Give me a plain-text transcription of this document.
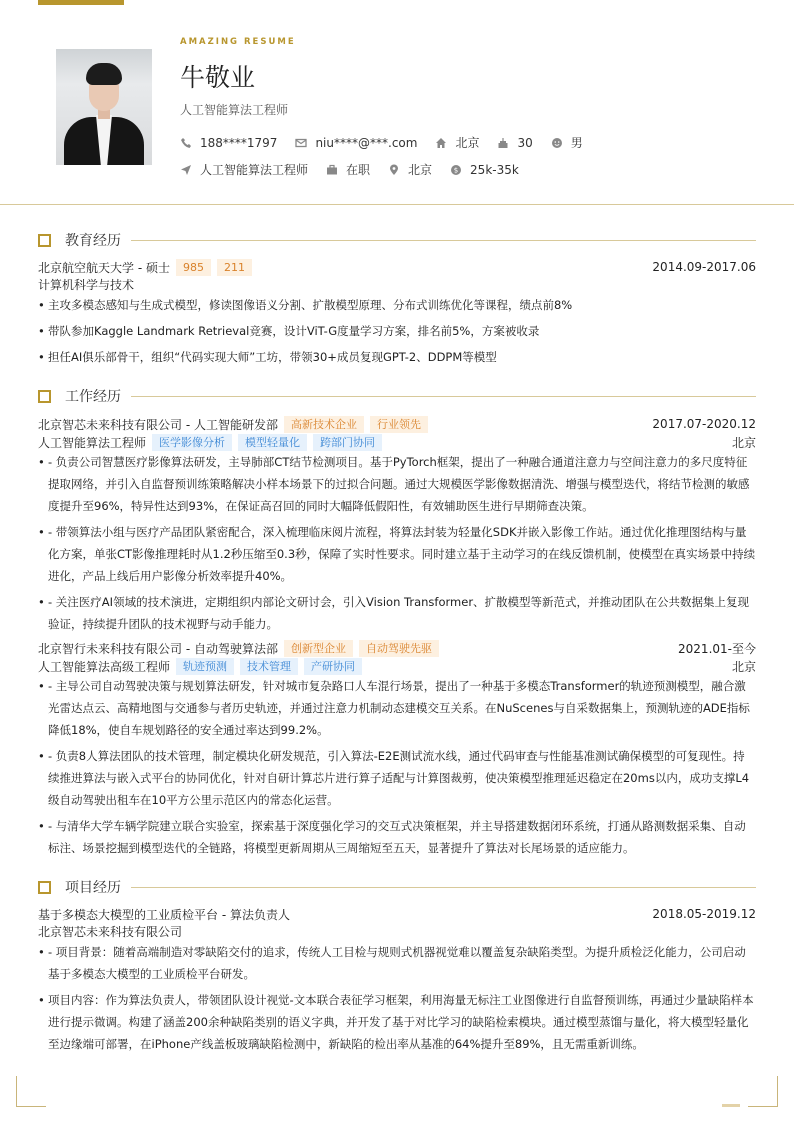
AMAZING RESUME
牛敬业
人工智能算法工程师
188****1797	niu****@***.com	北京	30	男
人工智能算法工程师	在职	北京	$ 25k-35k
教育经历
北京航空航天大学 - 硕士	985	211	2014.09-2017.06
计算机科学与技术
• 主攻多模态感知与生成式模型，修读图像语义分割、扩散模型原理、分布式训练优化等课程，绩点前8%
• 带队参加Kaggle Landmark Retrieval竞赛，设计ViT-G度量学习方案，排名前5%，方案被收录
• 担任AI俱乐部骨干，组织“代码实现大师”工坊，带领30+成员复现GPT-2、DDPM等模型
工作经历
北京智芯未来科技有限公司 - 人工智能研发部	高新技术企业	行业领先	2017.07-2020.12
人工智能算法工程师	医学影像分析	模型轻量化	跨部门协同	北京
• - 负责公司智慧医疗影像算法研发，主导肺部CT结节检测项目。基于PyTorch框架，提出了一种融合通道注意力与空间注意力的多尺度特征提取网络，并引入自监督预训练策略解决小样本场景下的过拟合问题。通过大规模医学影像数据清洗、增强与模型迭代，将结节检测的敏感度提升至96%，特异性达到93%，在保证高召回的同时大幅降低假阳性，有效辅助医生进行早期筛查决策。
• - 带领算法小组与医疗产品团队紧密配合，深入梳理临床阅片流程，将算法封装为轻量化SDK并嵌入影像工作站。通过优化推理图结构与量化方案，单张CT影像推理耗时从1.2秒压缩至0.3秒，保障了实时性要求。同时建立基于主动学习的在线反馈机制，使模型在真实场景中持续进化，产品上线后用户影像分析效率提升40%。
• - 关注医疗AI领域的技术演进，定期组织内部论文研讨会，引入Vision Transformer、扩散模型等新范式，并推动团队在公共数据集上复现验证，持续提升团队的技术视野与动手能力。
北京智行未来科技有限公司 - 自动驾驶算法部	创新型企业	自动驾驶先驱	2021.01-至今
人工智能算法高级工程师	轨迹预测	技术管理	产研协同	北京
• - 主导公司自动驾驶决策与规划算法研发，针对城市复杂路口人车混行场景，提出了一种基于多模态Transformer的轨迹预测模型，融合激光雷达点云、高精地图与交通参与者历史轨迹，并通过注意力机制动态建模交互关系。在NuScenes与自采数据集上，预测轨迹的ADE指标降低18%，使自车规划路径的安全通过率达到99.2%。
• - 负责8人算法团队的技术管理，制定模块化研发规范，引入算法-E2E测试流水线，通过代码审查与性能基准测试确保模型的可复现性。持续推进算法与嵌入式平台的协同优化，针对自研计算芯片进行算子适配与计算图裁剪，使决策模型推理延迟稳定在20ms以内，成功支撑L4级自动驾驶出租车在10平方公里示范区内的常态化运营。
• - 与清华大学车辆学院建立联合实验室，探索基于深度强化学习的交互式决策框架，并主导搭建数据闭环系统，打通从路测数据采集、自动标注、场景挖掘到模型迭代的全链路，将模型更新周期从三周缩短至五天，显著提升了算法对长尾场景的适应能力。
项目经历
基于多模态大模型的工业质检平台 - 算法负责人	2018.05-2019.12
北京智芯未来科技有限公司
• - 项目背景：随着高端制造对零缺陷交付的追求，传统人工目检与规则式机器视觉难以覆盖复杂缺陷类型。为提升质检泛化能力，公司启动基于多模态大模型的工业质检平台研发。
• 项目内容：作为算法负责人，带领团队设计视觉-文本联合表征学习框架，利用海量无标注工业图像进行自监督预训练，再通过少量缺陷样本进行提示微调。构建了涵盖200余种缺陷类别的语义字典，并开发了基于对比学习的缺陷检索模块。通过模型蒸馏与量化，将大模型轻量化至边缘端可部署，在iPhone产线盖板玻璃缺陷检测中，新缺陷的检出率从基准的64%提升至89%，且无需重新训练。
